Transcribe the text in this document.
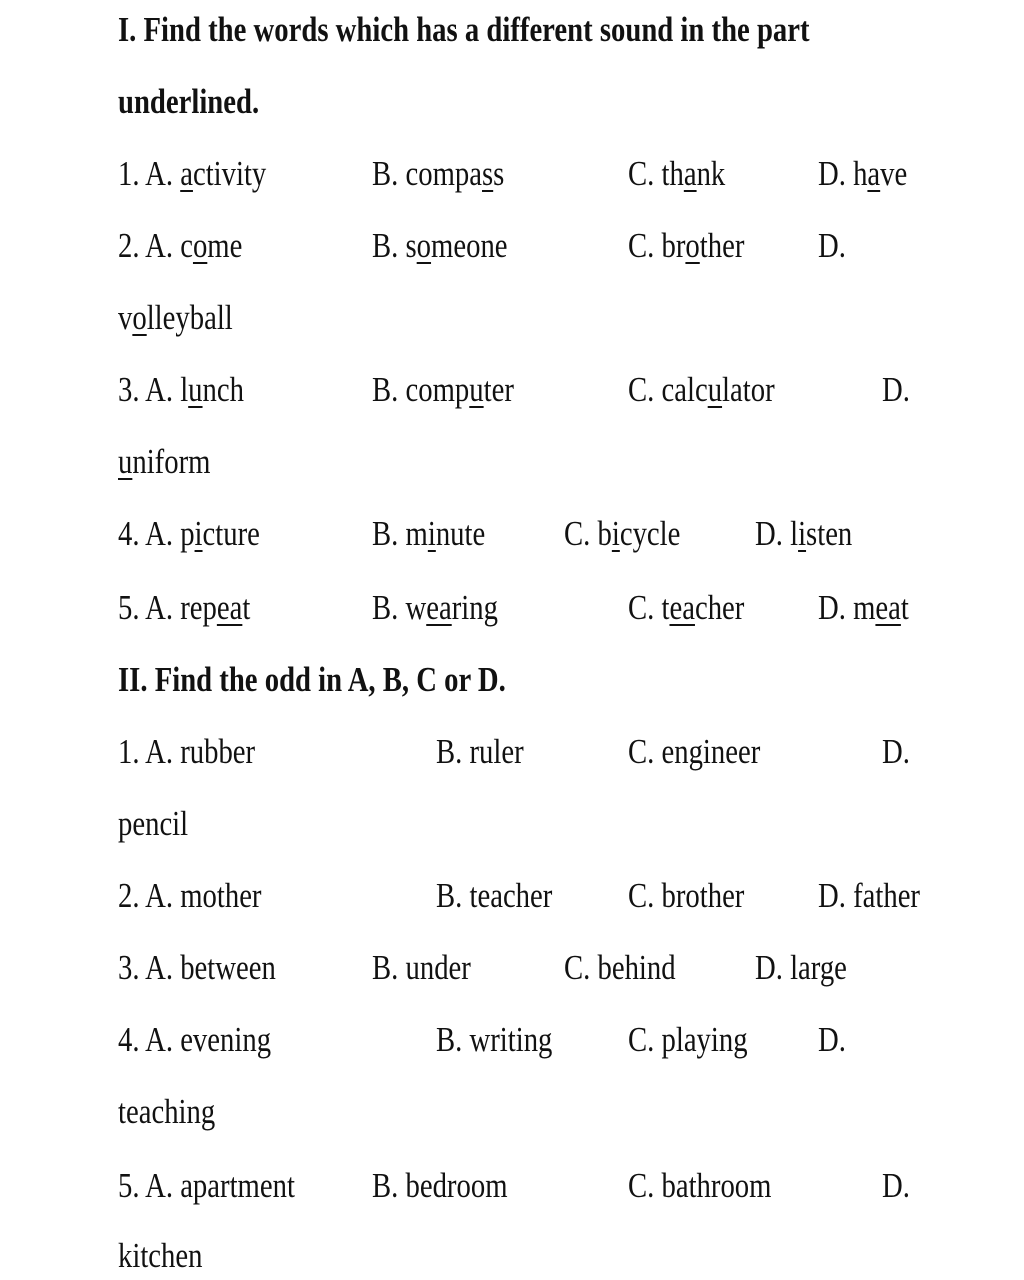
I. Find the words which has a different sound in the part
underlined.
1. A. activity	B. compass	C. thank	D. have
2. A. come	B. someone	C. brother D.
volleyball
3. A. lunch	B. computer	C. calculator	D.
uniform
4. A. picture	B. minute C. bicycle D. listen
5. A. repeat	B. wearing	C. teacher D. meat
II. Find the odd in A, B, C or D.
1. A. rubber	B. ruler	C. engineer	D.
pencil
2. A. mother	B. teacher C. brother D. father
3. A. between	B. under	C. behind D. large
4. A. evening	B. writing C. playing D.
teaching
5. A. apartment B. bedroom	C. bathroom	D.
kitchen
